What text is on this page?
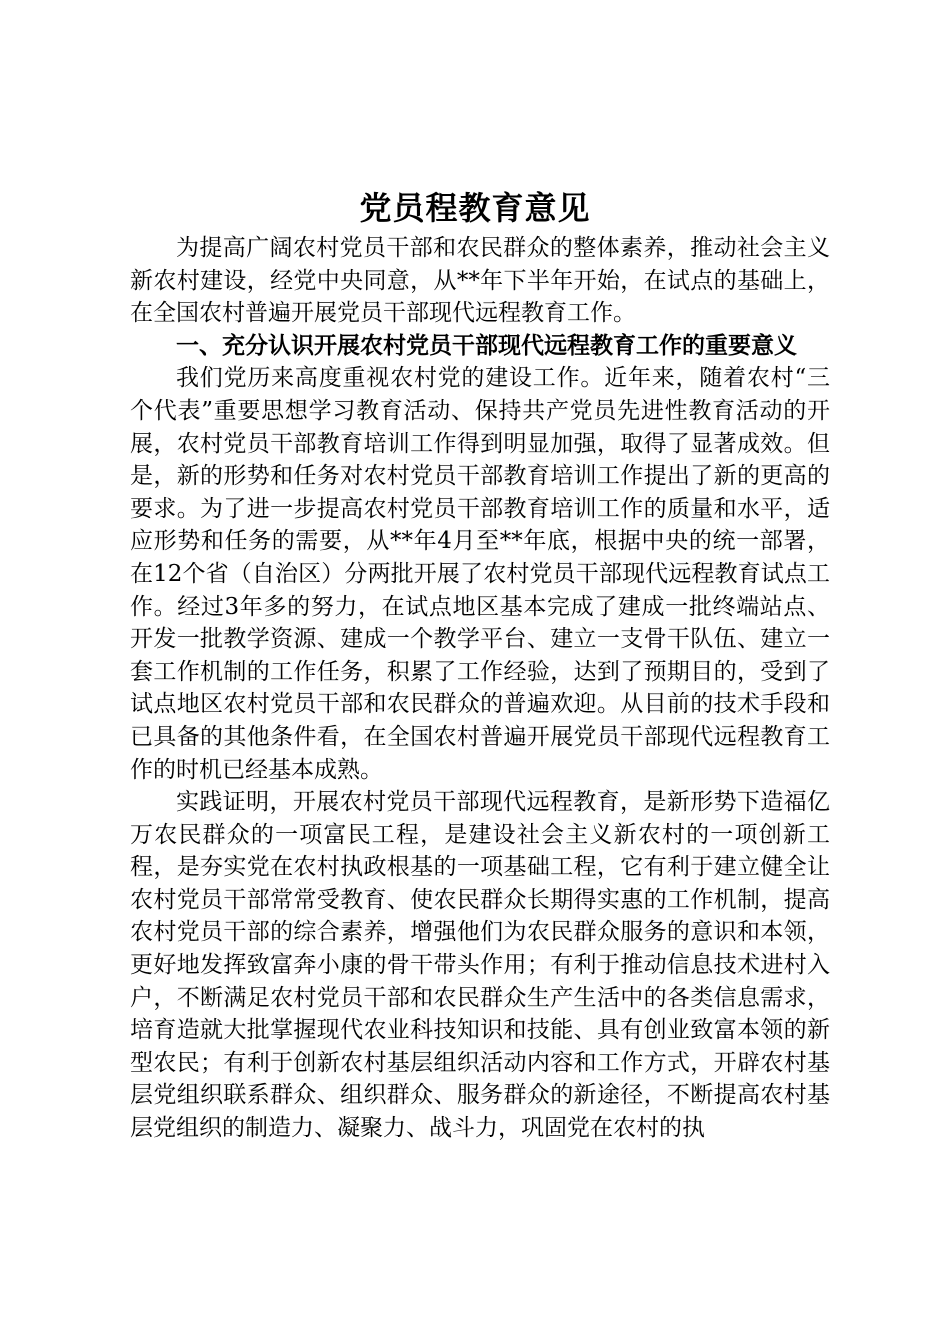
党员程教育意见

为提高广阔农村党员干部和农民群众的整体素养，推动社会主义新农村建设，经党中央同意，从**年下半年开始，在试点的基础上，在全国农村普遍开展党员干部现代远程教育工作。

一、充分认识开展农村党员干部现代远程教育工作的重要意义

我们党历来高度重视农村党的建设工作。近年来，随着农村“三个代表”重要思想学习教育活动、保持共产党员先进性教育活动的开展，农村党员干部教育培训工作得到明显加强，取得了显著成效。但是，新的形势和任务对农村党员干部教育培训工作提出了新的更高的要求。为了进一步提高农村党员干部教育培训工作的质量和水平，适应形势和任务的需要，从**年4月至**年底，根据中央的统一部署，在12个省（自治区）分两批开展了农村党员干部现代远程教育试点工作。经过3年多的努力，在试点地区基本完成了建成一批终端站点、开发一批教学资源、建成一个教学平台、建立一支骨干队伍、建立一套工作机制的工作任务，积累了工作经验，达到了预期目的，受到了试点地区农村党员干部和农民群众的普遍欢迎。从目前的技术手段和已具备的其他条件看，在全国农村普遍开展党员干部现代远程教育工作的时机已经基本成熟。

实践证明，开展农村党员干部现代远程教育，是新形势下造福亿万农民群众的一项富民工程，是建设社会主义新农村的一项创新工程，是夯实党在农村执政根基的一项基础工程，它有利于建立健全让农村党员干部常常受教育、使农民群众长期得实惠的工作机制，提高农村党员干部的综合素养，增强他们为农民群众服务的意识和本领，更好地发挥致富奔小康的骨干带头作用；有利于推动信息技术进村入户，不断满足农村党员干部和农民群众生产生活中的各类信息需求，培育造就大批掌握现代农业科技知识和技能、具有创业致富本领的新型农民；有利于创新农村基层组织活动内容和工作方式，开辟农村基层党组织联系群众、组织群众、服务群众的新途径，不断提高农村基层党组织的制造力、凝聚力、战斗力，巩固党在农村的执
